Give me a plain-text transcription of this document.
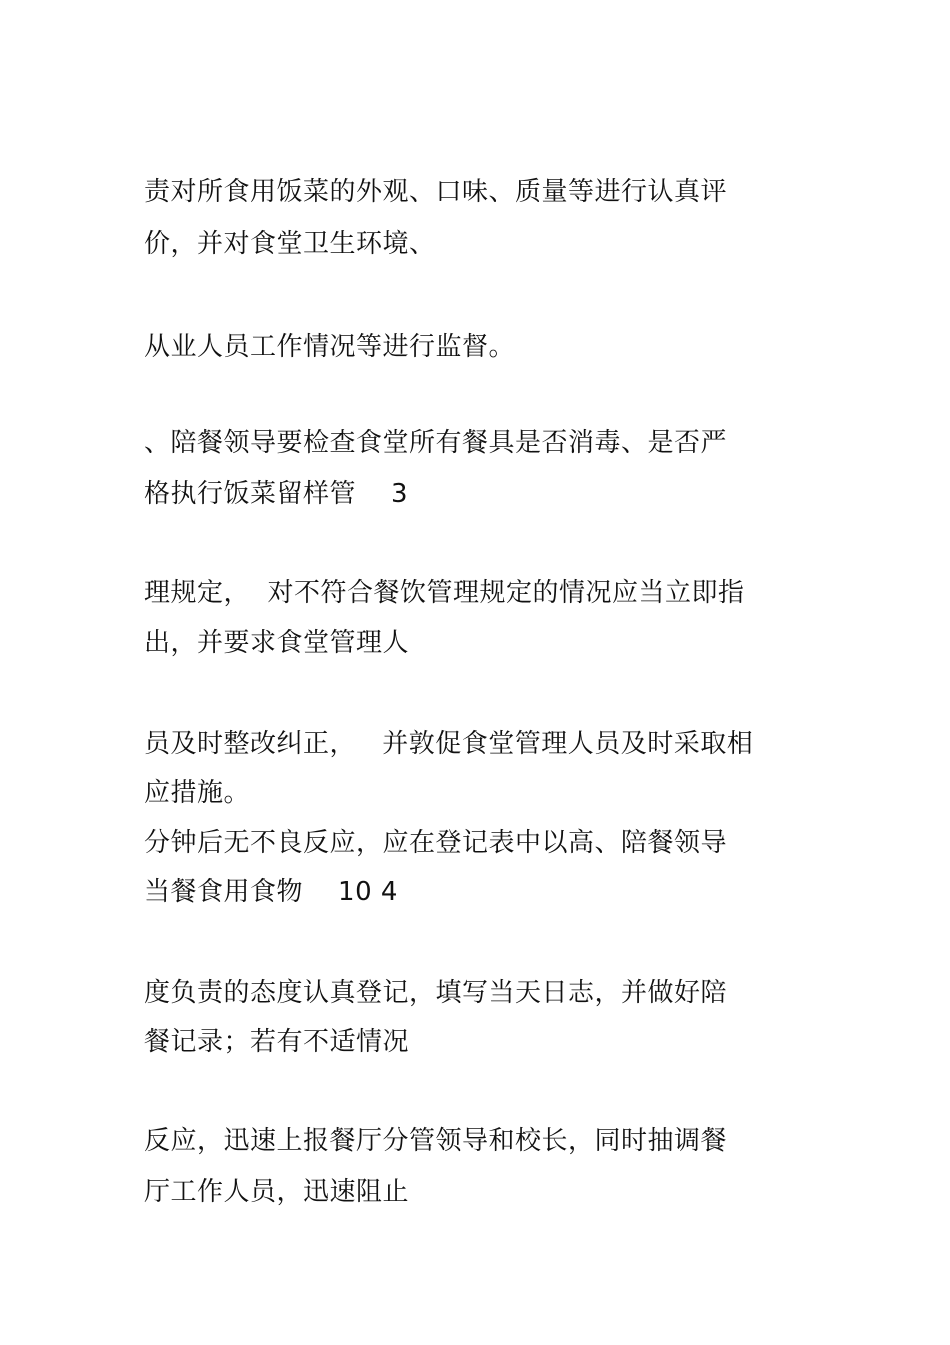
责对所食用饭菜的外观、口味、质量等进行认真评
价，并对食堂卫生环境、
从业人员工作情况等进行监督。
、陪餐领导要检查食堂所有餐具是否消毒、是否严
格执行饭菜留样管    3
理规定，  对不符合餐饮管理规定的情况应当立即指
出，并要求食堂管理人
员及时整改纠正，   并敦促食堂管理人员及时采取相
应措施。
分钟后无不良反应，应在登记表中以高、陪餐领导
当餐食用食物    10 4
度负责的态度认真登记，填写当天日志，并做好陪
餐记录；若有不适情况
反应，迅速上报餐厅分管领导和校长，同时抽调餐
厅工作人员，迅速阻止
